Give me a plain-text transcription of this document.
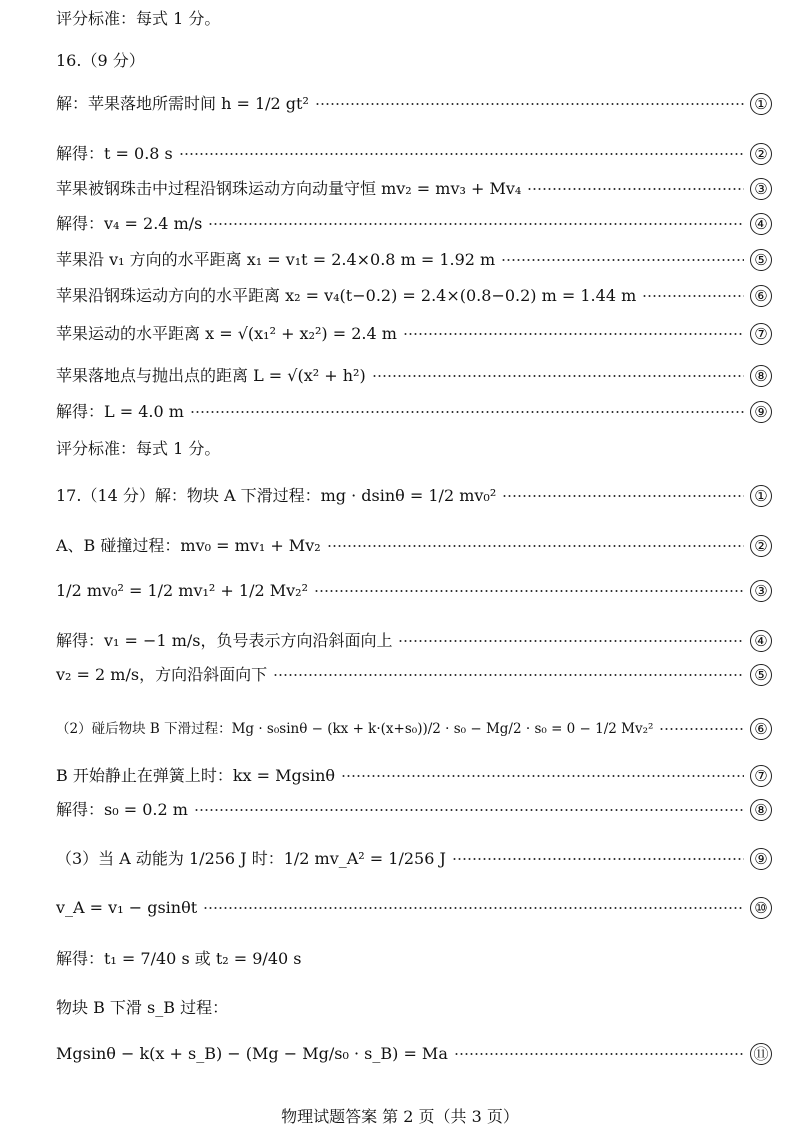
评分标准：每式 1 分。
16.（9 分）
解：苹果落地所需时间 h = 1/2 gt²	①
解得：t = 0.8 s	②
苹果被钢珠击中过程沿钢珠运动方向动量守恒 mv₂ = mv₃ + Mv₄	③
解得：v₄ = 2.4 m/s	④
苹果沿 v₁ 方向的水平距离 x₁ = v₁t = 2.4×0.8 m = 1.92 m	⑤
苹果沿钢珠运动方向的水平距离 x₂ = v₄(t−0.2) = 2.4×(0.8−0.2) m = 1.44 m	⑥
苹果运动的水平距离 x = √(x₁² + x₂²) = 2.4 m	⑦
苹果落地点与抛出点的距离 L = √(x² + h²)	⑧
解得：L = 4.0 m	⑨
评分标准：每式 1 分。
17.（14 分）解：物块 A 下滑过程：mg · dsinθ = 1/2 mv₀²	①
A、B 碰撞过程：mv₀ = mv₁ + Mv₂	②
1/2 mv₀² = 1/2 mv₁² + 1/2 Mv₂²	③
解得：v₁ = −1 m/s，负号表示方向沿斜面向上	④
v₂ = 2 m/s，方向沿斜面向下	⑤
（2）碰后物块 B 下滑过程：Mg · s₀sinθ − (kx + k·(x+s₀))/2 · s₀ − Mg/2 · s₀ = 0 − 1/2 Mv₂²	⑥
B 开始静止在弹簧上时：kx = Mgsinθ	⑦
解得：s₀ = 0.2 m	⑧
（3）当 A 动能为 1/256 J 时：1/2 mv_A² = 1/256 J	⑨
v_A = v₁ − gsinθt	⑩
解得：t₁ = 7/40 s 或 t₂ = 9/40 s
物块 B 下滑 s_B 过程：
Mgsinθ − k(x + s_B) − (Mg − Mg/s₀ · s_B) = Ma	⑪
物理试题答案 第 2 页（共 3 页）
